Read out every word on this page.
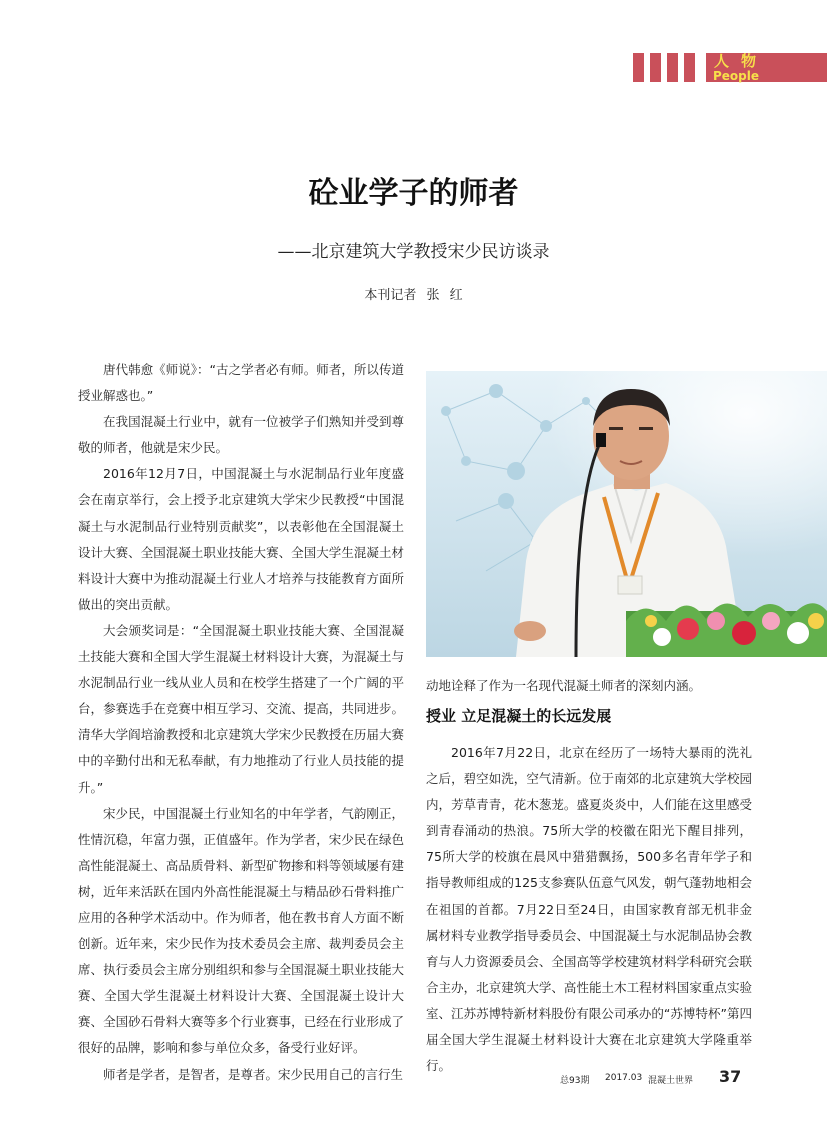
人物
People
砼业学子的师者
——北京建筑大学教授宋少民访谈录
本刊记者 张 红

唐代韩愈《师说》：“古之学者必有师。师者，所以传道授业解惑也。”

在我国混凝土行业中，就有一位被学子们熟知并受到尊敬的师者，他就是宋少民。

2016年12月7日，中国混凝土与水泥制品行业年度盛会在南京举行，会上授予北京建筑大学宋少民教授“中国混凝土与水泥制品行业特别贡献奖”，以表彰他在全国混凝土设计大赛、全国混凝土职业技能大赛、全国大学生混凝土材料设计大赛中为推动混凝土行业人才培养与技能教育方面所做出的突出贡献。

大会颁奖词是：“全国混凝土职业技能大赛、全国混凝土技能大赛和全国大学生混凝土材料设计大赛，为混凝土与水泥制品行业一线从业人员和在校学生搭建了一个广阔的平台，参赛选手在竞赛中相互学习、交流、提高，共同进步。清华大学阎培渝教授和北京建筑大学宋少民教授在历届大赛中的辛勤付出和无私奉献，有力地推动了行业人员技能的提升。”

宋少民，中国混凝土行业知名的中年学者，气韵刚正，性情沉稳，年富力强，正值盛年。作为学者，宋少民在绿色高性能混凝土、高品质骨料、新型矿物掺和料等领域屡有建树，近年来活跃在国内外高性能混凝土与精品砂石骨料推广应用的各种学术活动中。作为师者，他在教书育人方面不断创新。近年来，宋少民作为技术委员会主席、裁判委员会主席、执行委员会主席分别组织和参与全国混凝土职业技能大赛、全国大学生混凝土材料设计大赛、全国混凝土设计大赛、全国砂石骨料大赛等多个行业赛事，已经在行业形成了很好的品牌，影响和参与单位众多，备受行业好评。

师者是学者，是智者，是尊者。宋少民用自己的言行生

动地诠释了作为一名现代混凝土师者的深刻内涵。

授业 立足混凝土的长远发展

2016年7月22日，北京在经历了一场特大暴雨的洗礼之后，碧空如洗，空气清新。位于南郊的北京建筑大学校园内，芳草青青，花木葱茏。盛夏炎炎中，人们能在这里感受到青春涌动的热浪。75所大学的校徽在阳光下醒目排列，75所大学的校旗在晨风中猎猎飘扬，500多名青年学子和指导教师组成的125支参赛队伍意气风发，朝气蓬勃地相会在祖国的首都。7月22日至24日，由国家教育部无机非金属材料专业教学指导委员会、中国混凝土与水泥制品协会教育与人力资源委员会、全国高等学校建筑材料学科研究会联合主办，北京建筑大学、高性能土木工程材料国家重点实验室、江苏苏博特新材料股份有限公司承办的“苏博特杯”第四届全国大学生混凝土材料设计大赛在北京建筑大学隆重举行。

总93期 2017.03 混凝土世界 37
